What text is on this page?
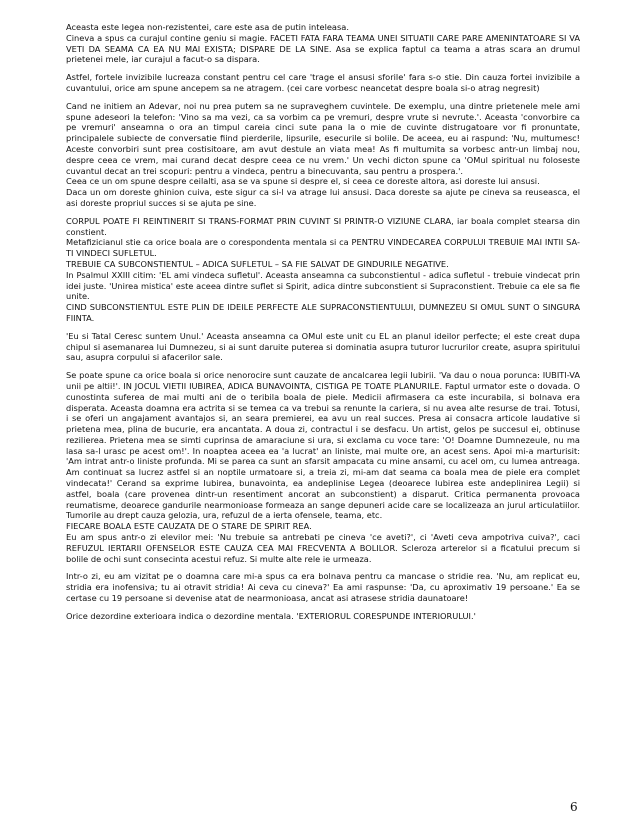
Aceasta este legea non-rezistentei, care este asa de putin inteleasa.

Cineva a spus ca curajul contine geniu si magie. FACETI FATA FARA TEAMA UNEI SITUATII CARE PARE AMENINTATOARE SI VA VETI DA SEAMA CA EA NU MAI EXISTA; DISPARE DE LA SINE. Asa se explica faptul ca teama a atras scara an drumul prietenei mele, iar curajul a facut-o sa dispara.

Astfel, fortele invizibile lucreaza constant pentru cel care 'trage el ansusi sforile' fara s-o stie. Din cauza fortei invizibile a cuvantului, orice am spune ancepem sa ne atragem. (cei care vorbesc neancetat despre boala si-o atrag negresit)

Cand ne initiem an Adevar, noi nu prea putem sa ne supraveghem cuvintele. De exemplu, una dintre prietenele mele ami spune adeseori la telefon: 'Vino sa ma vezi, ca sa vorbim ca pe vremuri, despre vrute si nevrute.'. Aceasta 'convorbire ca pe vremuri' anseamna o ora an timpul careia cinci sute pana la o mie de cuvinte distrugatoare vor fi pronuntate, principalele subiecte de conversatie fiind pierderile, lipsurile, esecurile si bolile. De aceea, eu ai raspund: 'Nu, multumesc! Aceste convorbiri sunt prea costisitoare, am avut destule an viata mea! As fi multumita sa vorbesc antr-un limbaj nou, despre ceea ce vrem, mai curand decat despre ceea ce nu vrem.' Un vechi dicton spune ca 'OMul spiritual nu foloseste cuvantul decat an trei scopuri: pentru a vindeca, pentru a binecuvanta, sau pentru a prospera.'.

Ceea ce un om spune despre ceilalti, asa se va spune si despre el, si ceea ce doreste altora, asi doreste lui ansusi.

Daca un om doreste ghinion cuiva, este sigur ca si-l va atrage lui ansusi. Daca doreste sa ajute pe cineva sa reuseasca, el asi doreste propriul succes si se ajuta pe sine.

CORPUL POATE FI REINTINERIT SI TRANS-FORMAT PRIN CUVINT SI PRINTR-O VIZIUNE CLARA, iar boala complet stearsa din constient.

Metafizicianul stie ca orice boala are o corespondenta mentala si ca PENTRU VINDECAREA CORPULUI TREBUIE MAI INTII SA-TI VINDECI SUFLETUL.

TREBUIE CA SUBCONSTIENTUL – ADICA SUFLETUL – SA FIE SALVAT DE GINDURILE NEGATIVE.

In Psalmul XXIII citim: 'EL ami vindeca sufletul'. Aceasta anseamna ca subconstientul - adica sufletul - trebuie vindecat prin idei juste. 'Unirea mistica' este aceea dintre suflet si Spirit, adica dintre subconstient si Supraconstient. Trebuie ca ele sa fie unite.

CIND SUBCONSTIENTUL ESTE PLIN DE IDEILE PERFECTE ALE SUPRACONSTIENTULUI, DUMNEZEU SI OMUL SUNT O SINGURA FIINTA.

'Eu si Tatal Ceresc suntem Unul.' Aceasta anseamna ca OMul este unit cu EL an planul ideilor perfecte; el este creat dupa chipul si asemanarea lui Dumnezeu, si ai sunt daruite puterea si dominatia asupra tuturor lucrurilor create, asupra spiritului sau, asupra corpului si afacerilor sale.

Se poate spune ca orice boala si orice nenorocire sunt cauzate de ancalcarea legii Iubirii. 'Va dau o noua porunca: IUBITI-VA unii pe altii!'. IN JOCUL VIETII IUBIREA, ADICA BUNAVOINTA, CISTIGA PE TOATE PLANURILE. Faptul urmator este o dovada. O cunostinta suferea de mai multi ani de o teribila boala de piele. Medicii afirmasera ca este incurabila, si bolnava era disperata. Aceasta doamna era actrita si se temea ca va trebui sa renunte la cariera, si nu avea alte resurse de trai. Totusi, i se oferi un angajament avantajos si, an seara premierei, ea avu un real succes. Presa ai consacra articole laudative si prietena mea, plina de bucurie, era ancantata. A doua zi, contractul i se desfacu. Un artist, gelos pe succesul ei, obtinuse rezilierea. Prietena mea se simti cuprinsa de amaraciune si ura, si exclama cu voce tare: 'O! Doamne Dumnezeule, nu ma lasa sa-l urasc pe acest om!'. In noaptea aceea ea 'a lucrat' an liniste, mai multe ore, an acest sens. Apoi mi-a marturisit: 'Am intrat antr-o liniste profunda. Mi se parea ca sunt an sfarsit ampacata cu mine ansami, cu acel om, cu lumea antreaga. Am continuat sa lucrez astfel si an noptile urmatoare si, a treia zi, mi-am dat seama ca boala mea de piele era complet vindecata!' Cerand sa exprime Iubirea, bunavointa, ea andeplinise Legea (deoarece Iubirea este andeplinirea Legii) si astfel, boala (care provenea dintr-un resentiment ancorat an subconstient) a disparut. Critica permanenta provoaca reumatisme, deoarece gandurile nearmonioase formeaza an sange depuneri acide care se localizeaza an jurul articulatiilor. Tumorile au drept cauza gelozia, ura, refuzul de a ierta ofensele, teama, etc.

FIECARE BOALA ESTE CAUZATA DE O STARE DE SPIRIT REA.

Eu am spus antr-o zi elevilor mei: 'Nu trebuie sa antrebati pe cineva 'ce aveti?', ci 'Aveti ceva ampotriva cuiva?', caci REFUZUL IERTARII OFENSELOR ESTE CAUZA CEA MAI FRECVENTA A BOLILOR. Scleroza arterelor si a ficatului precum si bolile de ochi sunt consecinta acestui refuz. Si multe alte rele ie urmeaza.

Intr-o zi, eu am vizitat pe o doamna care mi-a spus ca era bolnava pentru ca mancase o stridie rea. 'Nu, am replicat eu, stridia era inofensiva; tu ai otravit stridia! Ai ceva cu cineva?' Ea ami raspunse: 'Da, cu aproximativ 19 persoane.' Ea se certase cu 19 persoane si devenise atat de nearmonioasa, ancat asi atrasese stridia daunatoare!

Orice dezordine exterioara indica o dezordine mentala. 'EXTERIORUL CORESPUNDE INTERIORULUI.'

6
